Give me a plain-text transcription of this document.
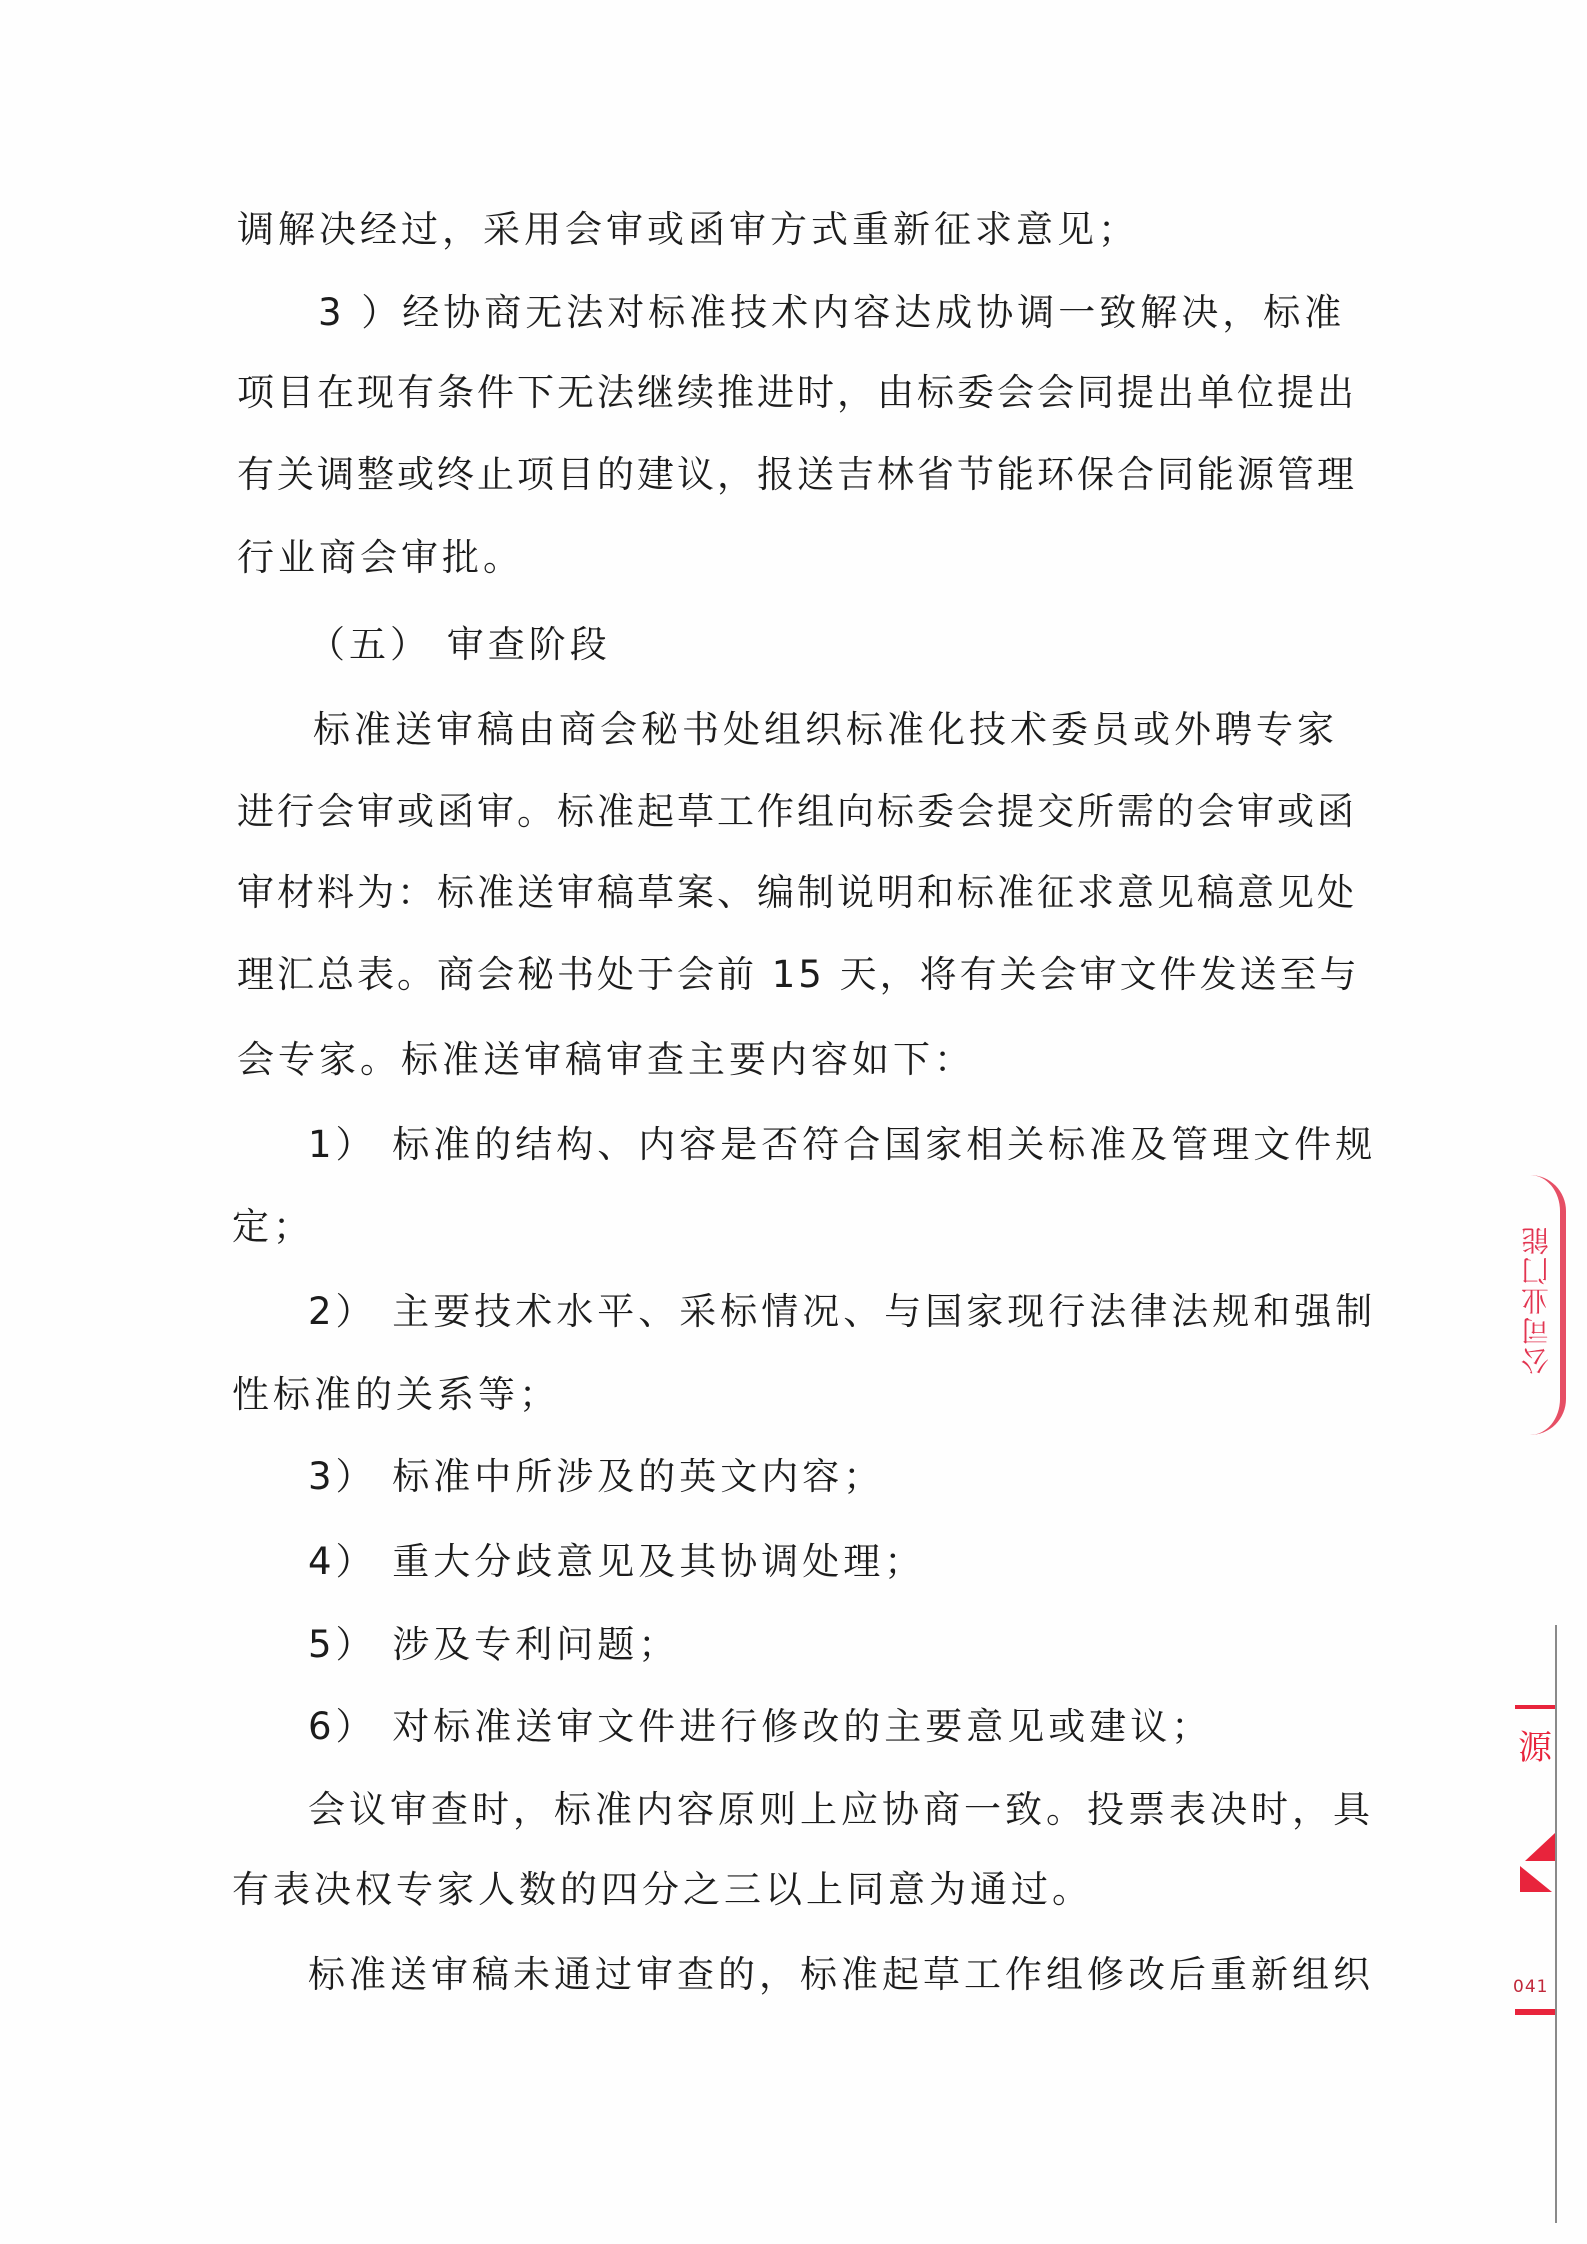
调解决经过，采用会审或函审方式重新征求意见；
3 ）经协商无法对标准技术内容达成协调一致解决，标准
项目在现有条件下无法继续推进时，由标委会会同提出单位提出
有关调整或终止项目的建议，报送吉林省节能环保合同能源管理
行业商会审批。
（五） 审查阶段
标准送审稿由商会秘书处组织标准化技术委员或外聘专家
进行会审或函审。标准起草工作组向标委会提交所需的会审或函
审材料为：标准送审稿草案、编制说明和标准征求意见稿意见处
理汇总表。商会秘书处于会前 15 天，将有关会审文件发送至与
会专家。标准送审稿审查主要内容如下：
1） 标准的结构、内容是否符合国家相关标准及管理文件规
定；
2） 主要技术水平、采标情况、与国家现行法律法规和强制
性标准的关系等；
3） 标准中所涉及的英文内容；
4） 重大分歧意见及其协调处理；
5） 涉及专利问题；
6） 对标准送审文件进行修改的主要意见或建议；
会议审查时，标准内容原则上应协商一致。投票表决时，具
有表决权专家人数的四分之三以上同意为通过。
标准送审稿未通过审查的，标准起草工作组修改后重新组织
公司业门能
源
041
